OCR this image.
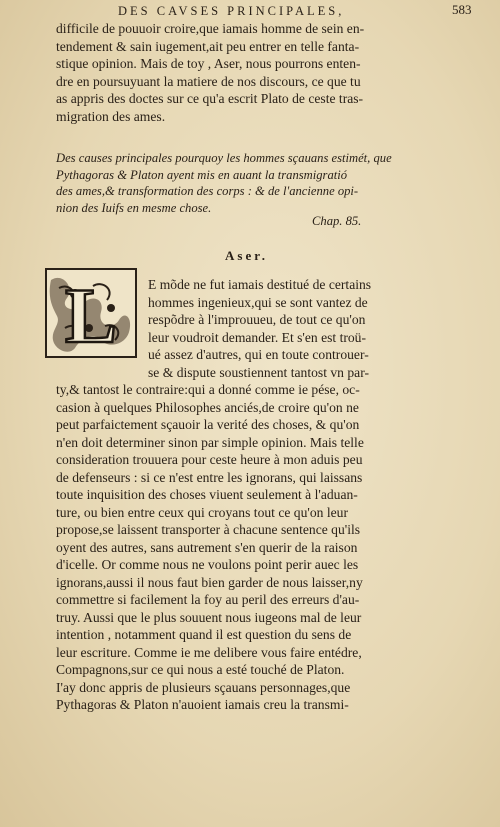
DES CAVSES PRINCIPALES,	583
difficile de pouuoir croire,que iamais homme de sein en-
tendement & sain iugement,ait peu entrer en telle fanta-
stique opinion. Mais de toy , Aser, nous pourrons enten-
dre en poursuyuant la matiere de nos discours, ce que tu
as appris des doctes sur ce qu'a escrit Plato de ceste tras-
migration des ames.
Des causes principales pourquoy les hommes sçauans estimét, que
Pythagoras & Platon ayent mis en auant la transmigratió
des ames,& transformation des corps : & de l'ancienne opi-
nion des Iuifs en mesme chose.
Chap. 85.
Aser.
L	E mõde ne fut iamais destitué de certains
hommes ingenieux,qui se sont vantez de
respõdre à l'improuueu, de tout ce qu'on
leur voudroit demander. Et s'en est troü-
ué assez d'autres, qui en toute controuer-
se & dispute soustiennent tantost vn par-
ty,& tantost le contraire:qui a donné comme ie pése, oc-
casion à quelques Philosophes anciés,de croire qu'on ne
peut parfaictement sçauoir la verité des choses, & qu'on
n'en doit determiner sinon par simple opinion. Mais telle
consideration trouuera pour ceste heure à mon aduis peu
de defenseurs : si ce n'est entre les ignorans, qui laissans
toute inquisition des choses viuent seulement à l'aduan-
ture, ou bien entre ceux qui croyans tout ce qu'on leur
propose,se laissent transporter à chacune sentence qu'ils
oyent des autres, sans autrement s'en querir de la raison
d'icelle. Or comme nous ne voulons point perir auec les
ignorans,aussi il nous faut bien garder de nous laisser,ny
commettre si facilement la foy au peril des erreurs d'au-
truy. Aussi que le plus souuent nous iugeons mal de leur
intention , notamment quand il est question du sens de
leur escriture. Comme ie me delibere vous faire entédre,
Compagnons,sur ce qui nous a esté touché de Platon.
I'ay donc appris de plusieurs sçauans personnages,que
Pythagoras & Platon n'auoient iamais creu la transmi-
